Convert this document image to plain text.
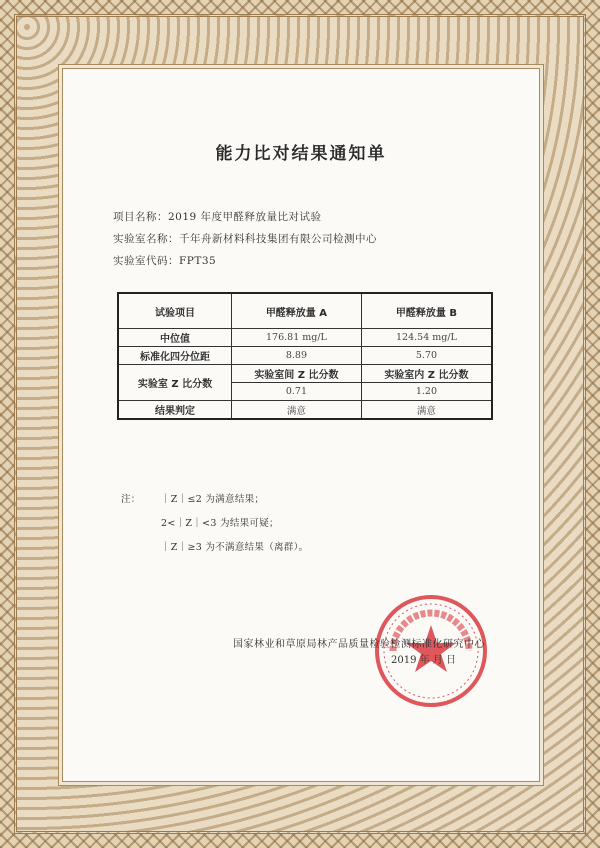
能力比对结果通知单
项目名称：2019 年度甲醛释放量比对试验
实验室名称：千年舟新材料科技集团有限公司检测中心
实验室代码：FPT35
试验项目	甲醛释放量 A	甲醛释放量 B
中位值	176.81 mg/L	124.54 mg/L
标准化四分位距	8.89	5.70
实验室 Z 比分数	实验室间 Z 比分数	实验室内 Z 比分数
	0.71	1.20
结果判定	满意	满意
注： ｜Z｜≤2 为满意结果；
2<｜Z｜<3 为结果可疑；
｜Z｜≥3 为不满意结果（离群）。
国家林业和草原局林产品质量检验检测标准化研究中心
2019 年 月 日
